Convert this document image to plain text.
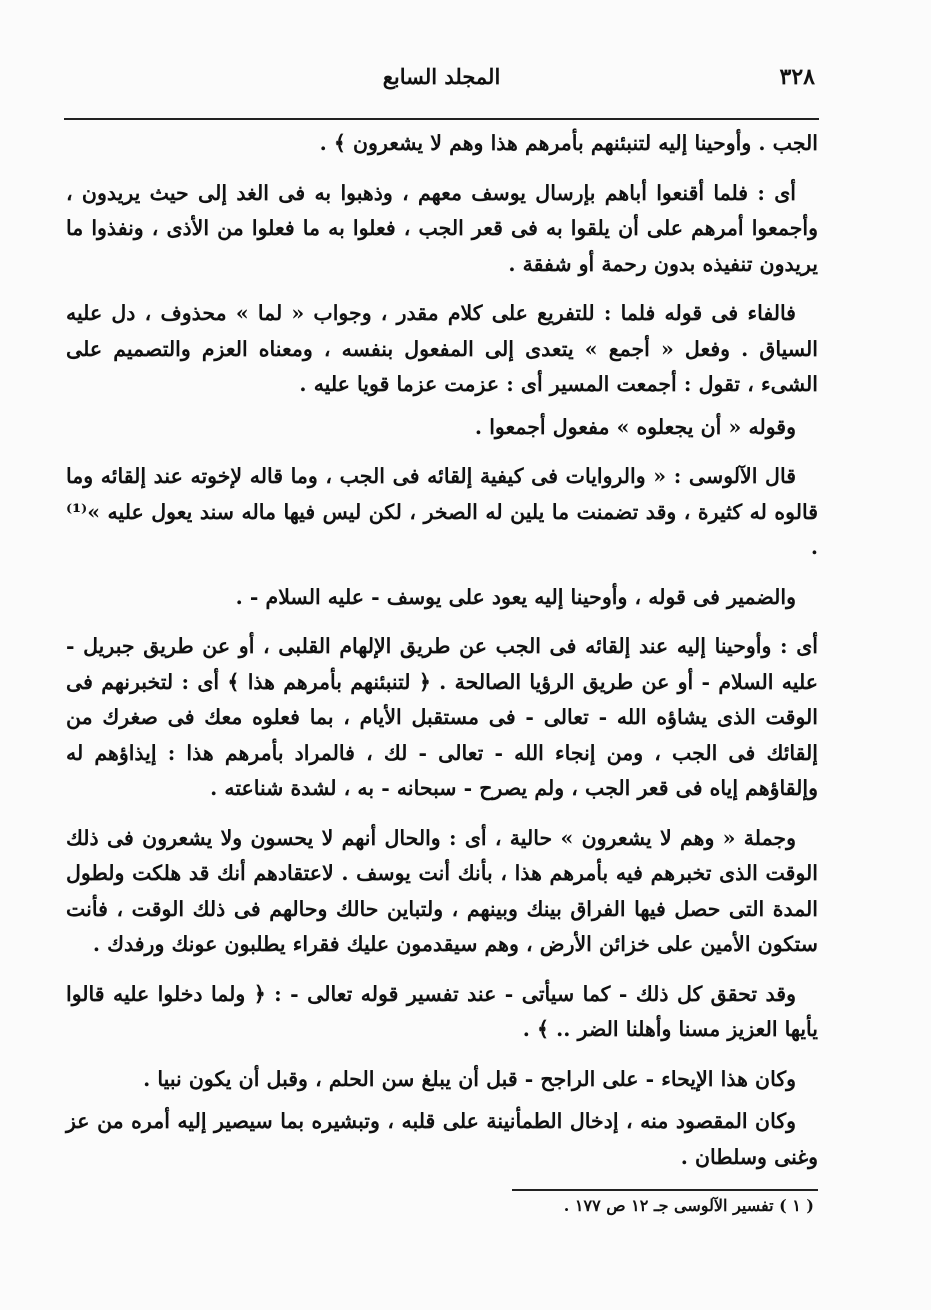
٣٢٨
المجلد السابع

الجب . وأوحينا إليه لتنبئنهم بأمرهم هذا وهم لا يشعرون ﴾ .

أى : فلما أقنعوا أباهم بإرسال يوسف معهم ، وذهبوا به فى الغد إلى حيث يريدون ، وأجمعوا أمرهم على أن يلقوا به فى قعر الجب ، فعلوا به ما فعلوا من الأذى ، ونفذوا ما يريدون تنفيذه بدون رحمة أو شفقة .

فالفاء فى قوله فلما : للتفريع على كلام مقدر ، وجواب « لما » محذوف ، دل عليه السياق . وفعل « أجمع » يتعدى إلى المفعول بنفسه ، ومعناه العزم والتصميم على الشىء ، تقول : أجمعت المسير أى : عزمت عزما قويا عليه .

وقوله « أن يجعلوه » مفعول أجمعوا .

قال الآلوسى : « والروايات فى كيفية إلقائه فى الجب ، وما قاله لإخوته عند إلقائه وما قالوه له كثيرة ، وقد تضمنت ما يلين له الصخر ، لكن ليس فيها ماله سند يعول عليه »⁽¹⁾ .

والضمير فى قوله ، وأوحينا إليه يعود على يوسف - عليه السلام - .

أى : وأوحينا إليه عند إلقائه فى الجب عن طريق الإلهام القلبى ، أو عن طريق جبريل - عليه السلام - أو عن طريق الرؤيا الصالحة . ﴿ لتنبئنهم بأمرهم هذا ﴾ أى : لتخبرنهم فى الوقت الذى يشاؤه الله - تعالى - فى مستقبل الأيام ، بما فعلوه معك فى صغرك من إلقائك فى الجب ، ومن إنجاء الله - تعالى - لك ، فالمراد بأمرهم هذا : إيذاؤهم له وإلقاؤهم إياه فى قعر الجب ، ولم يصرح - سبحانه - به ، لشدة شناعته .

وجملة « وهم لا يشعرون » حالية ، أى : والحال أنهم لا يحسون ولا يشعرون فى ذلك الوقت الذى تخبرهم فيه بأمرهم هذا ، بأنك أنت يوسف . لاعتقادهم أنك قد هلكت ولطول المدة التى حصل فيها الفراق بينك وبينهم ، ولتباين حالك وحالهم فى ذلك الوقت ، فأنت ستكون الأمين على خزائن الأرض ، وهم سيقدمون عليك فقراء يطلبون عونك ورفدك .

وقد تحقق كل ذلك - كما سيأتى - عند تفسير قوله تعالى - : ﴿ ولما دخلوا عليه قالوا يأيها العزيز مسنا وأهلنا الضر .. ﴾ .

وكان هذا الإيحاء - على الراجح - قبل أن يبلغ سن الحلم ، وقبل أن يكون نبيا .

وكان المقصود منه ، إدخال الطمأنينة على قلبه ، وتبشيره بما سيصير إليه أمره من عز وغنى وسلطان .

( ١ ) تفسير الآلوسى جـ ١٢ ص ١٧٧ .
